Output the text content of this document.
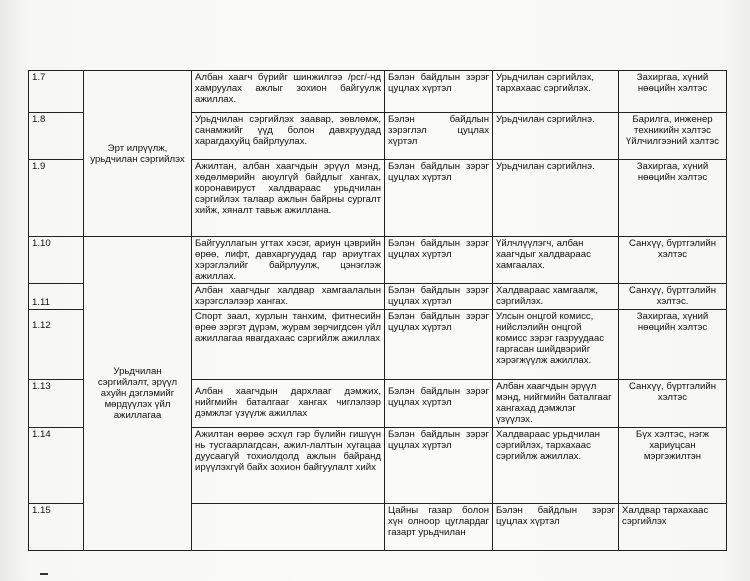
1.7	Эрт илрүүлж, урьдчилан сэргийлэх	Албан хаагч бүрийг шинжилгээ /рсг/-нд хамруулах ажлыг зохион байгуулж ажиллах.	Бэлэн байдлын зэрэг цуцлах хүртэл	Урьдчилан сэргийлэх, тархахаас сэргийлэх.	Захиргаа, хүний нөөцийн хэлтэс	
1.8		Урьдчилан сэргийлэх заавар, зөвлөмж, санамжийг үүд болон давхруудад харагдахуйц байрлуулах.	Бэлэн байдлын зэрэглэл цуцлах хүртэл	Урьдчилан сэргийлнэ.	Барилга, инженер техникийн хэлтэс Үйлчилгээний хэлтэс	
1.9		Ажилтан, албан хаагчдын эрүүл мэнд, хөдөлмөрийн аюулгүй байдлыг хангах, коронавируст халдвараас урьдчилан сэргийлэх талаар ажлын байрны сургалт хийж, хяналт тавьж ажиллана.	Бэлэн байдлын зэрэг цуцлах хүртэл	Урьдчилан сэргийлнэ.	Захиргаа, хүний нөөцийн хэлтэс	
1.10	Урьдчилан сэргийлэлт, эрүүл ахуйн дэглэмийг мөрдүүлэх үйл ажиллагаа	Байгууллагын угтах хэсэг, ариун цэврийн өрөө, лифт, давхаргуудад гар ариутгах хэрэглэлийг байрлуулж, цэнэглэж ажиллах.	Бэлэн байдлын зэрэг цуцлах хүртэл	Үйлчлүүлэгч, албан хаагчдыг халдвараас хамгаалах.	Санхүү, бүртгэлийн хэлтэс	
1.11		Албан хаагчдыг халдвар хамгаалалын хэрэгслэлээр хангах.	Бэлэн байдлын зэрэг цуцлах хүртэл	Халдвараас хамгаалж, сэргийлэх.	Санхүү, бүртгэлийн хэлтэс.	
1.12		Спорт заал, хурлын танхим, фитнесийн өрөө зэргэт дүрэм, журам зөрчигдсөн үйл ажиллагаа явагдахаас сэргийлж ажиллах	Бэлэн байдлын зэрэг цуцлах хүртэл	Улсын онцгой комисс, нийслэлийн онцгой комисс зэрэг газруудаас гаргасан шийдвэрийг хэрэгжүүлж ажиллах.	Захиргаа, хүний нөөцийн хэлтэс	
1.13		Албан хаагчдын дархлааг дэмжих, нийгмийн баталгааг хангах чиглэлээр дэмжлэг үзүүлж ажиллах	Бэлэн байдлын зэрэг цуцлах хүртэл	Албан хаагчдын эрүүл мэнд, нийгмийн баталгааг хангахад дэмжлэг үзүүлэх.	Санхүү, бүртгэлийн хэлтэс	
1.14		Ажилтан өөрөө эсхүл гэр бүлийн гишүүн нь тусгаарлагдсан, ажил-лалтын хугацаа дуусаагүй тохиолдолд ажлын байранд ирүүлэхгүй байх зохион байгуулалт хийх	Бэлэн байдлын зэрэг цуцлах хүртэл	Халдвараас урьдчилан сэргийлэх, тархахаас сэргийлж ажиллах.	Бүх хэлтэс, нэгж хариуцсан мэргэжилтэн	
1.15			Цайны газар болон хүн олноор цуглардаг газарт урьдчилан	Бэлэн байдлын зэрэг цуцлах хүртэл	Халдвар тархахаас сэргийлэх	
